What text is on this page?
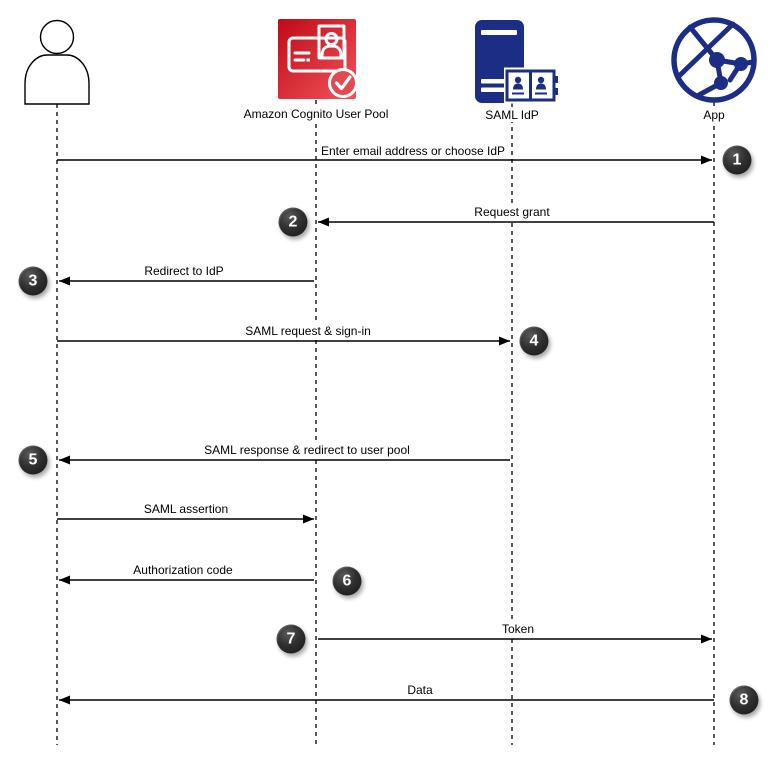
Amazon Cognito User Pool	SAML IdP	App
Enter email address or choose IdP
Request grant
Redirect to IdP
SAML request & sign-in
SAML response & redirect to user pool
SAML assertion
Authorization code
Token
Data
1
2
3
4
5
6
7
8
